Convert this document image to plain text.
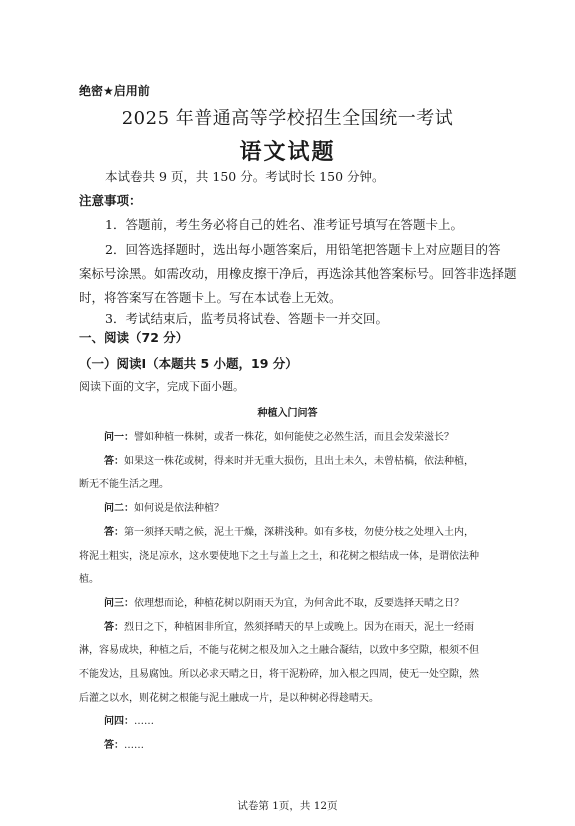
绝密★启用前
2025 年普通高等学校招生全国统一考试
语文试题
本试卷共 9 页，共 150 分。考试时长 150 分钟。
注意事项：
1．答题前，考生务必将自己的姓名、准考证号填写在答题卡上。
2．回答选择题时，选出每小题答案后，用铅笔把答题卡上对应题目的答
案标号涂黑。如需改动，用橡皮擦干净后，再选涂其他答案标号。回答非选择题
时，将答案写在答题卡上。写在本试卷上无效。
3．考试结束后，监考员将试卷、答题卡一并交回。
一、阅读（72 分）
（一）阅读Ⅰ（本题共 5 小题，19 分）
阅读下面的文字，完成下面小题。
种植入门问答
问一：譬如种植一株树，或者一株花，如何能使之必然生活，而且会发荣滋长？
答：如果这一株花或树，得来时并无重大损伤，且出土未久，未曾枯槁，依法种植，
断无不能生活之理。
问二：如何说是依法种植？
答：第一须择天晴之候，泥土干燥，深耕浅种。如有多枝，勿使分枝之处埋入土内，
将泥土粗实，浇足凉水，这水要使地下之土与盖上之土，和花树之根结成一体，是谓依法种
植。
问三：依理想而论，种植花树以阴雨天为宜，为何舍此不取，反要选择天晴之日？
答：烈日之下，种植困非所宜，然须择晴天的早上或晚上。因为在雨天，泥土一经雨
淋，容易成块，种植之后，不能与花树之根及加入之土融合凝结，以致中多空隙，根须不但
不能发达，且易腐蚀。所以必求天晴之日，将干泥粉碎，加入根之四周，使无一处空隙，然
后灌之以水，则花树之根能与泥土融成一片，是以种树必得趁晴天。
问四：……
答：……
试卷第 1页，共 12页
